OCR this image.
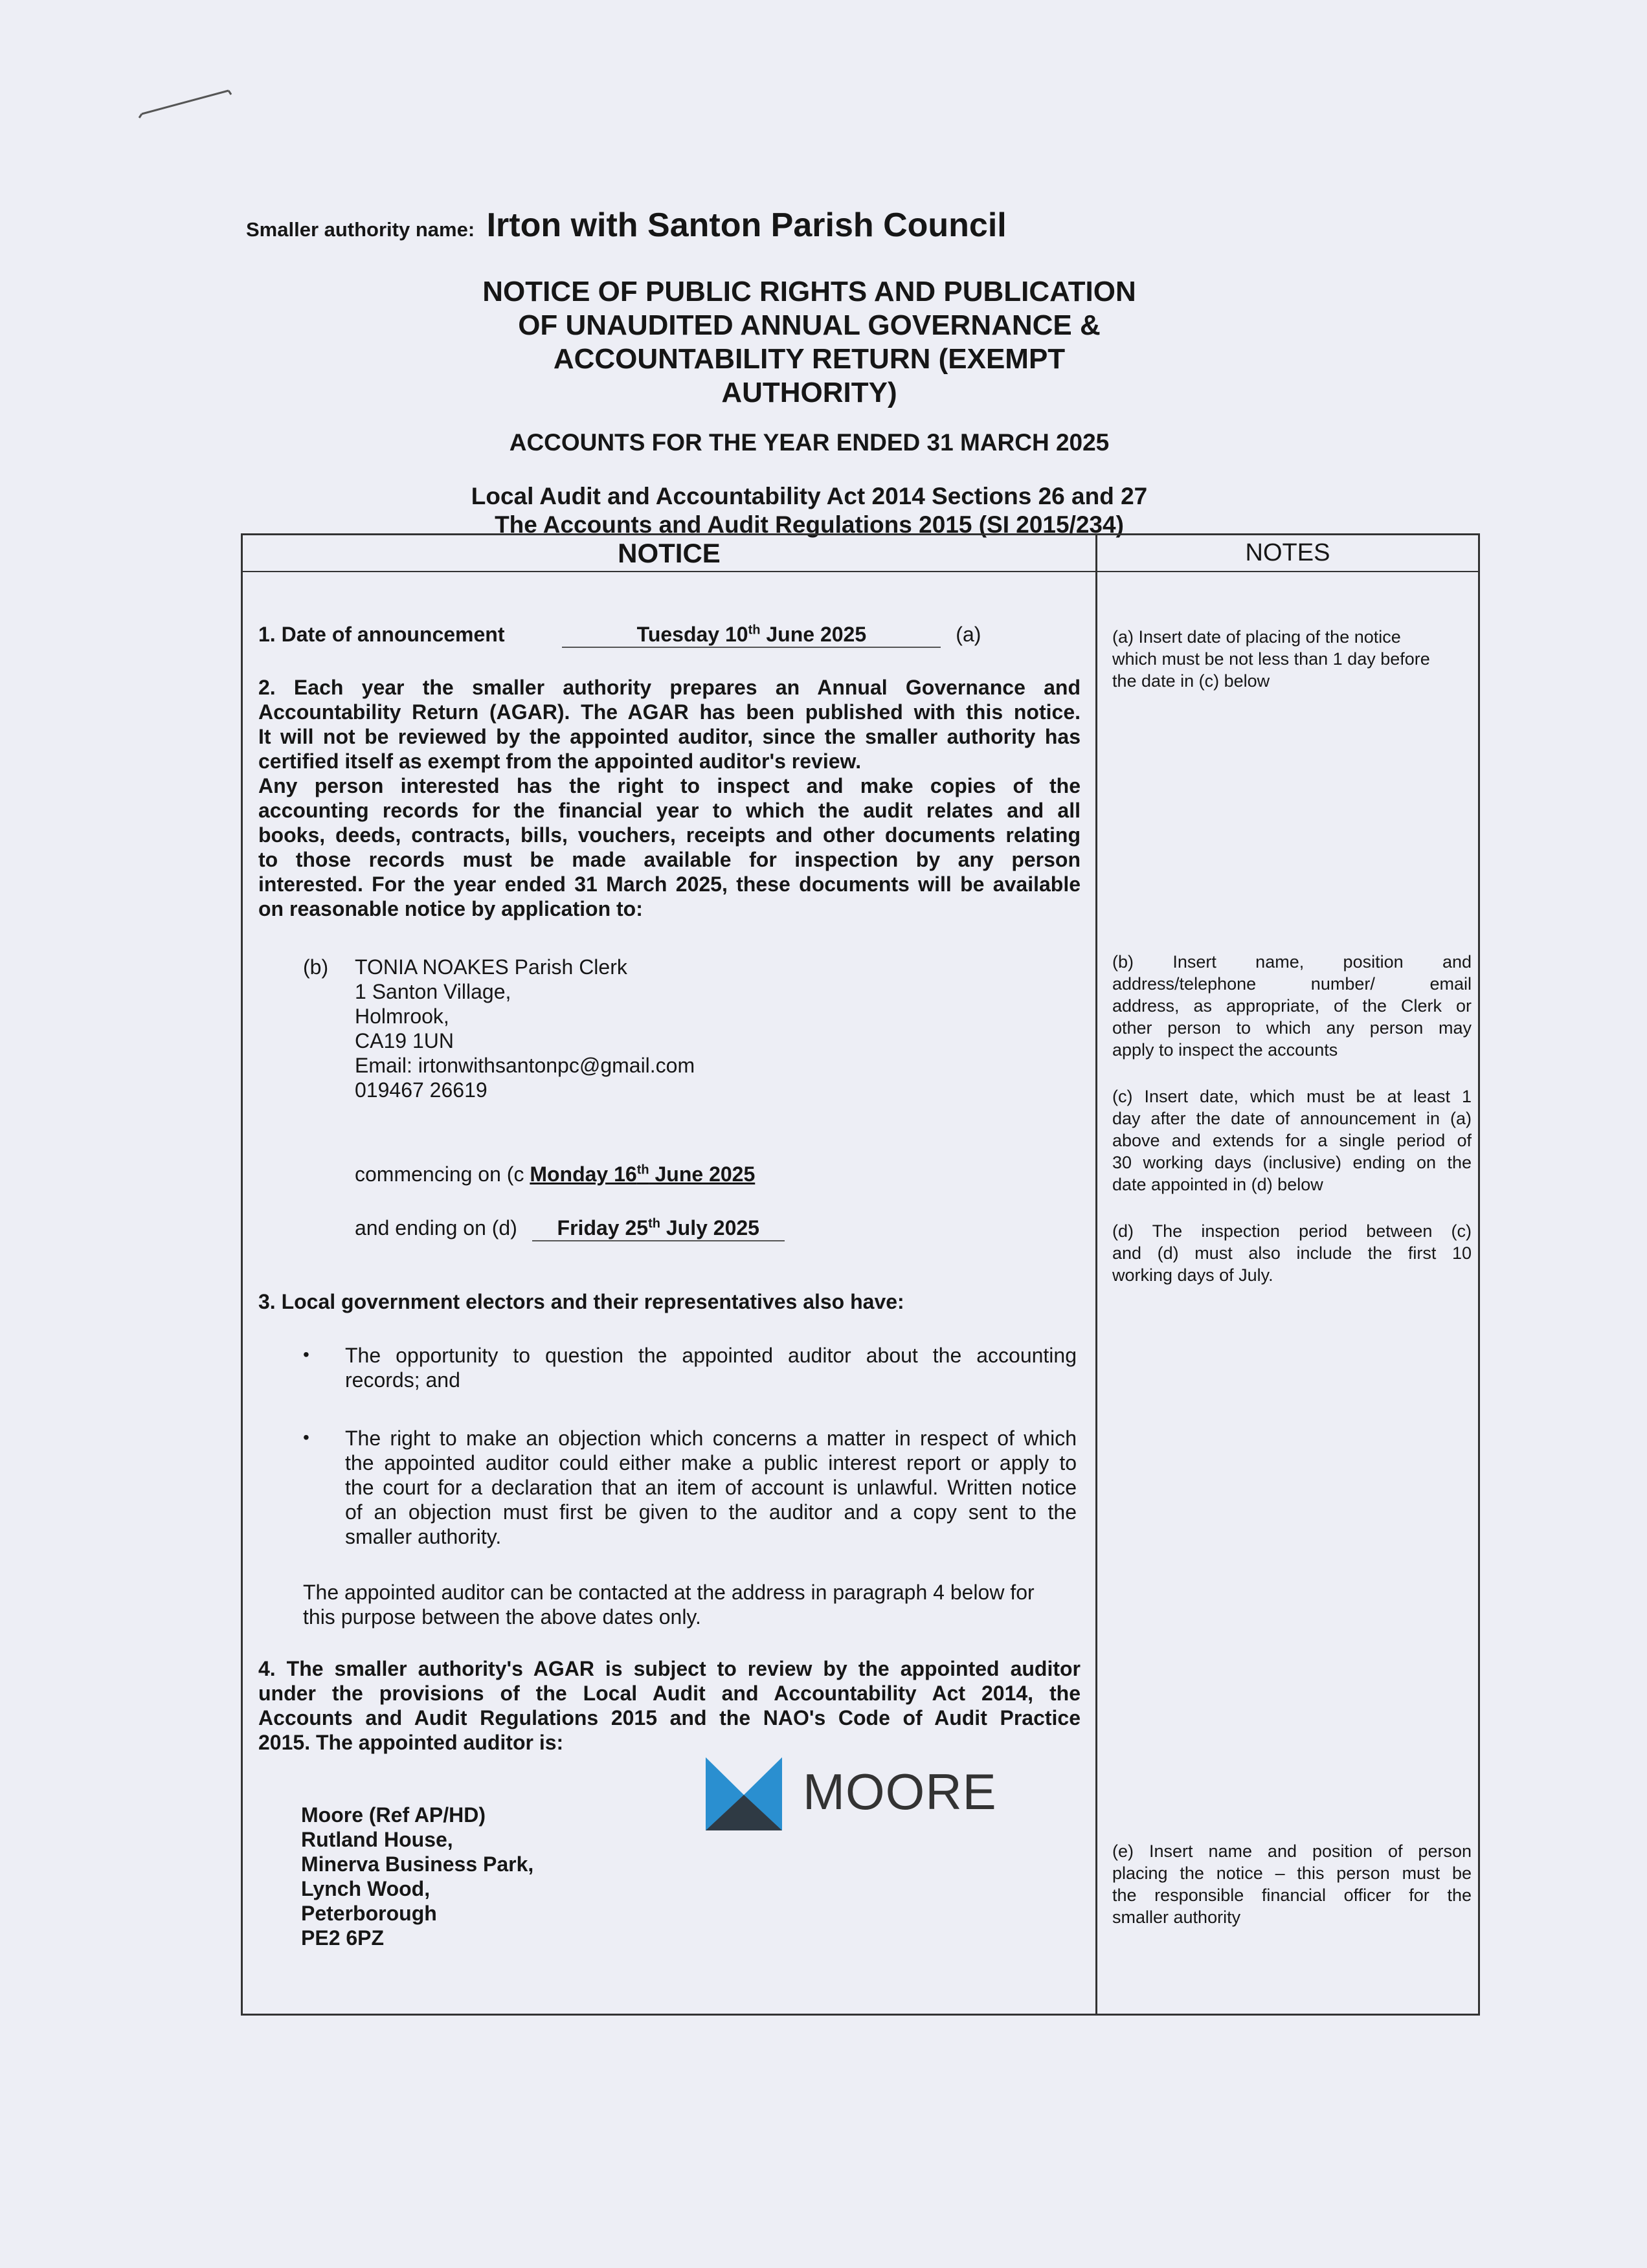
Smaller authority name: Irton with Santon Parish Council
NOTICE OF PUBLIC RIGHTS AND PUBLICATION
OF UNAUDITED ANNUAL GOVERNANCE &
ACCOUNTABILITY RETURN (EXEMPT
AUTHORITY)
ACCOUNTS FOR THE YEAR ENDED 31 MARCH 2025
Local Audit and Accountability Act 2014 Sections 26 and 27
The Accounts and Audit Regulations 2015 (SI 2015/234)
NOTICE	NOTES
1. Date of announcement	Tuesday 10th June 2025	(a)
2. Each year the smaller authority prepares an Annual Governance and
Accountability Return (AGAR). The AGAR has been published with this notice.
It will not be reviewed by the appointed auditor, since the smaller authority has
certified itself as exempt from the appointed auditor's review.
Any person interested has the right to inspect and make copies of the
accounting records for the financial year to which the audit relates and all
books, deeds, contracts, bills, vouchers, receipts and other documents relating
to those records must be made available for inspection by any person
interested. For the year ended 31 March 2025, these documents will be available
on reasonable notice by application to:
(b) TONIA NOAKES Parish Clerk
1 Santon Village,
Holmrook,
CA19 1UN
Email: irtonwithsantonpc@gmail.com
019467 26619
commencing on (c Monday 16th June 2025
and ending on (d) Friday 25th July 2025
3. Local government electors and their representatives also have:
• The opportunity to question the appointed auditor about the accounting
records; and
• The right to make an objection which concerns a matter in respect of which
the appointed auditor could either make a public interest report or apply to
the court for a declaration that an item of account is unlawful. Written notice
of an objection must first be given to the auditor and a copy sent to the
smaller authority.
The appointed auditor can be contacted at the address in paragraph 4 below for
this purpose between the above dates only.
4. The smaller authority's AGAR is subject to review by the appointed auditor
under the provisions of the Local Audit and Accountability Act 2014, the
Accounts and Audit Regulations 2015 and the NAO's Code of Audit Practice
2015. The appointed auditor is:
Moore (Ref AP/HD)
Rutland House,
Minerva Business Park,
Lynch Wood,
Peterborough
PE2 6PZ
(a) Insert date of placing of the notice
which must be not less than 1 day before
the date in (c) below
(b) Insert name, position and
address/telephone number/ email
address, as appropriate, of the Clerk or
other person to which any person may
apply to inspect the accounts
(c) Insert date, which must be at least 1
day after the date of announcement in (a)
above and extends for a single period of
30 working days (inclusive) ending on the
date appointed in (d) below
(d) The inspection period between (c)
and (d) must also include the first 10
working days of July.
(e) Insert name and position of person
placing the notice – this person must be
the responsible financial officer for the
smaller authority
MOORE
